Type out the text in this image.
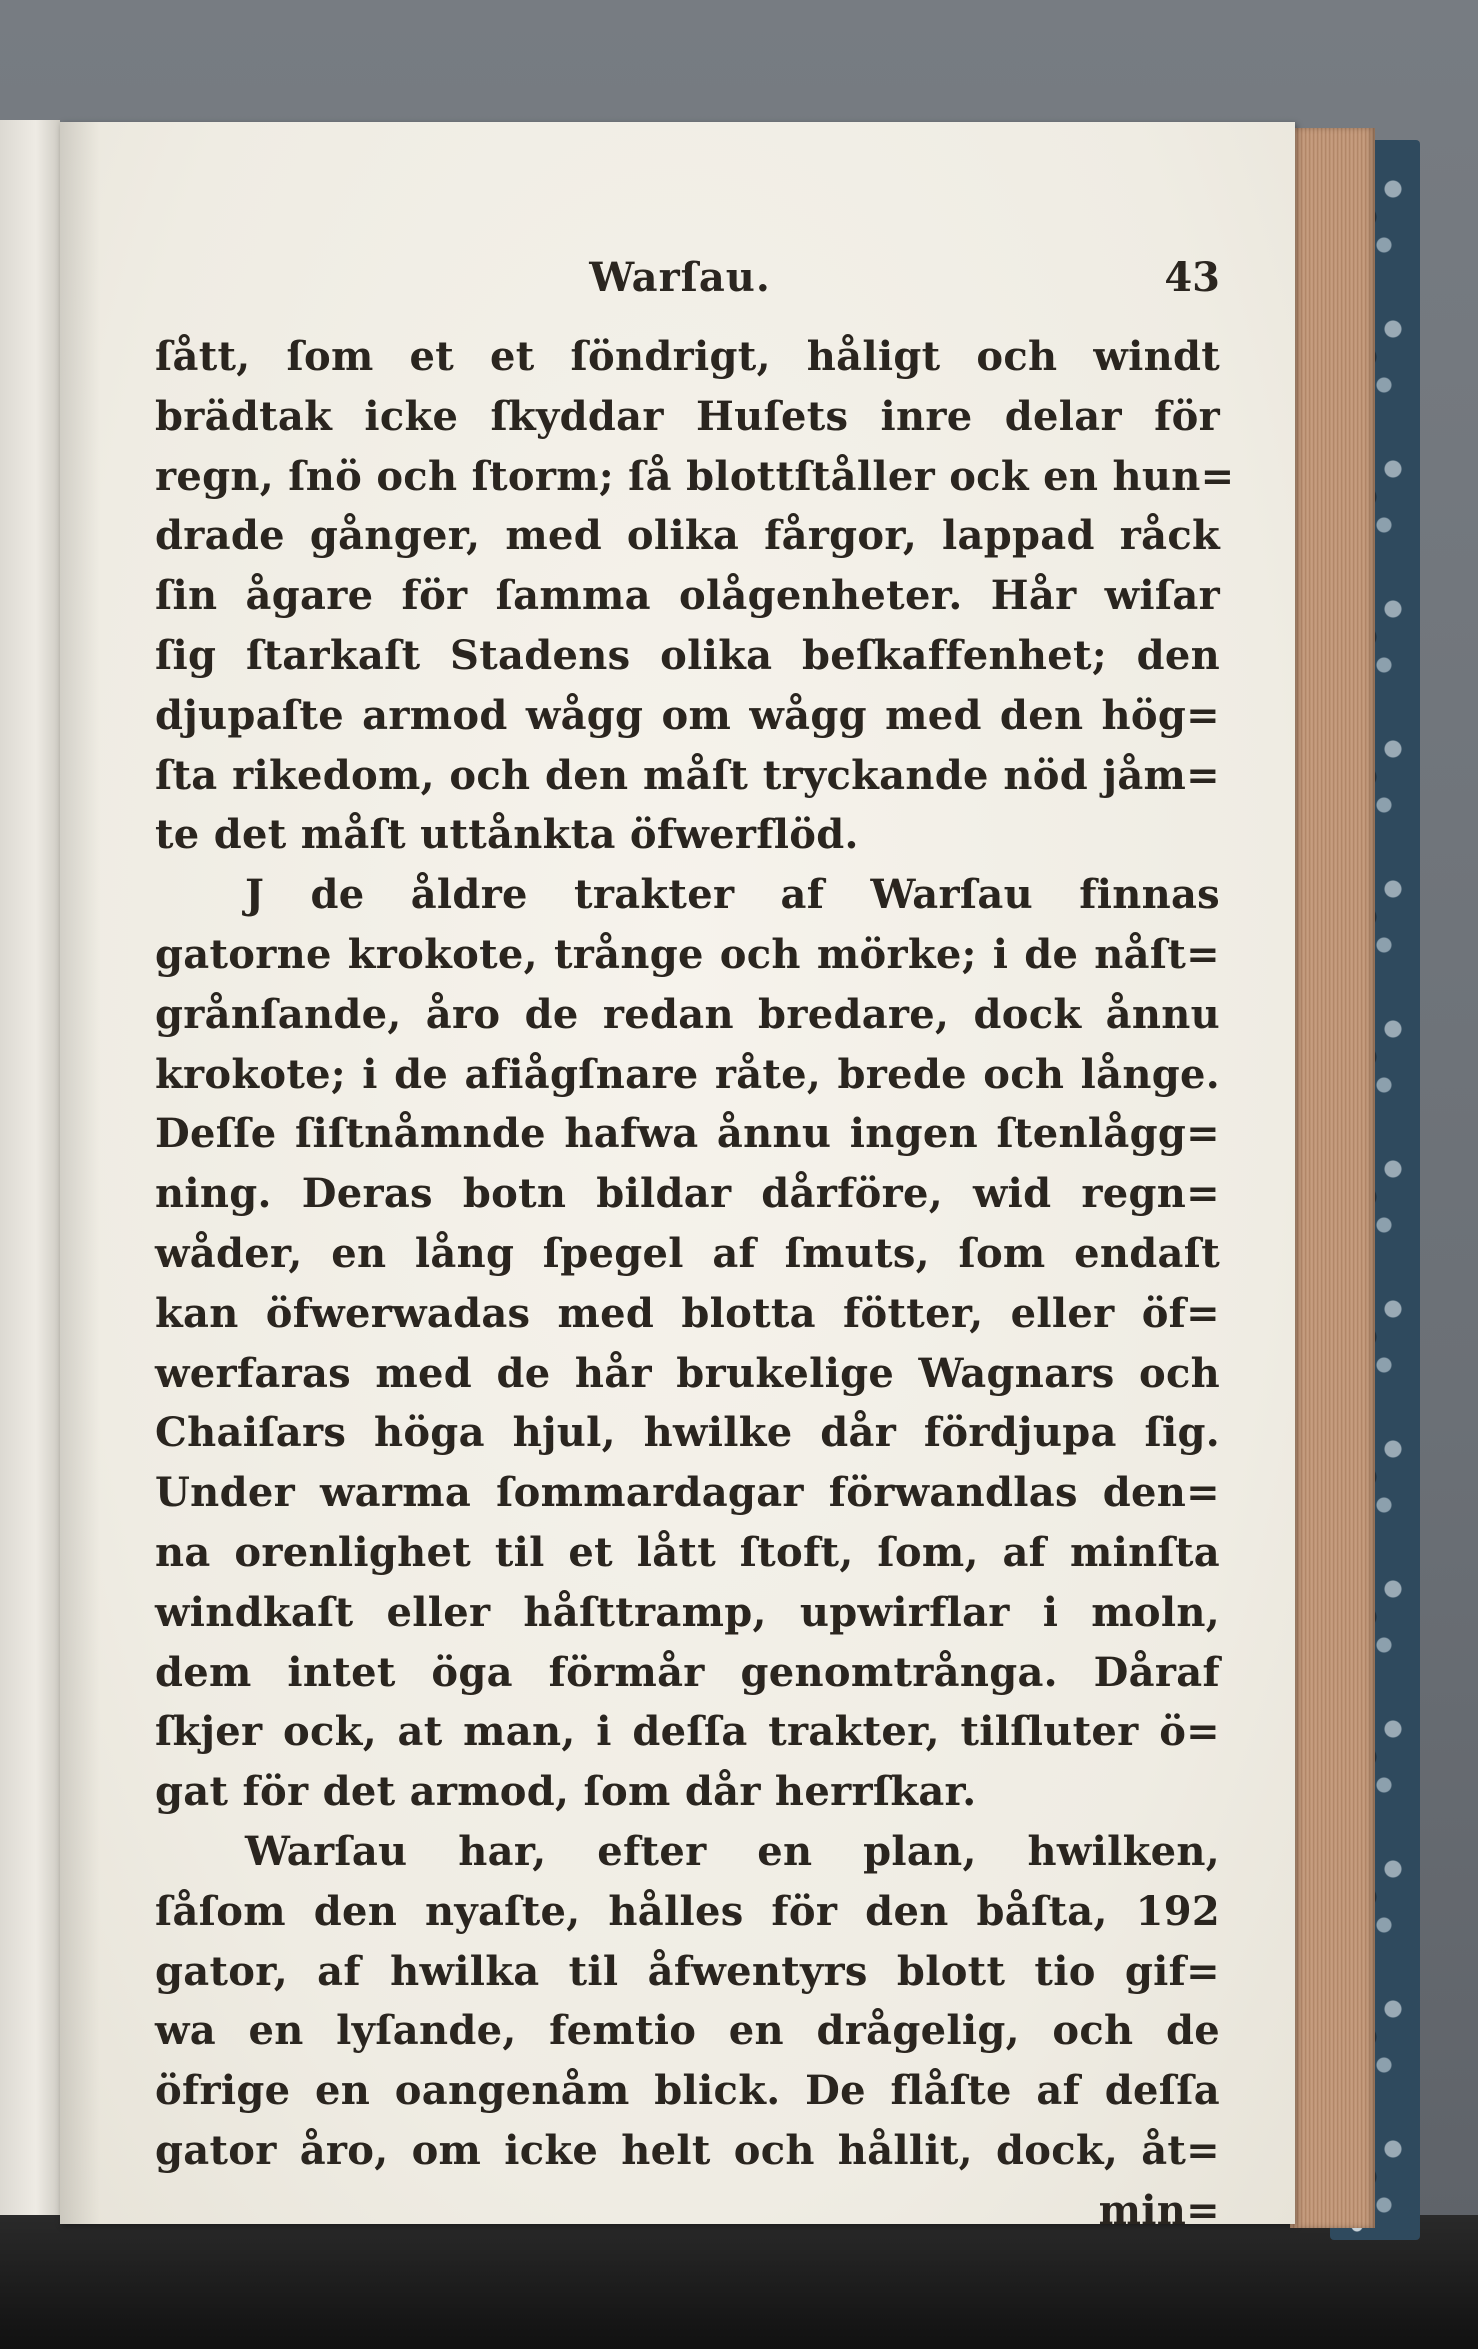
Warſau.	43
ſått, ſom et et ſöndrigt, håligt och windt
brädtak icke ſkyddar Huſets inre delar för
regn, ſnö och ſtorm; ſå blottſtåller ock en hun=
drade gånger, med olika fårgor, lappad råck
ſin ågare för ſamma olågenheter. Hår wiſar
ſig ſtarkaſt Stadens olika beſkaffenhet; den
djupaſte armod wågg om wågg med den hög=
ſta rikedom, och den måſt tryckande nöd jåm=
te det måſt uttånkta öfwerflöd.
J de åldre trakter af Warſau finnas
gatorne krokote, trånge och mörke; i de nåſt=
grånſande, åro de redan bredare, dock ånnu
krokote; i de afiågſnare råte, brede och långe.
Deſſe ſiſtnåmnde hafwa ånnu ingen ſtenlågg=
ning. Deras botn bildar dårföre, wid regn=
wåder, en lång ſpegel af ſmuts, ſom endaſt
kan öfwerwadas med blotta fötter, eller öf=
werfaras med de hår brukelige Wagnars och
Chaiſars höga hjul, hwilke dår fördjupa ſig.
Under warma ſommardagar förwandlas den=
na orenlighet til et lått ſtoft, ſom, af minſta
windkaſt eller håſttramp, upwirflar i moln,
dem intet öga förmår genomtrånga. Dåraf
ſkjer ock, at man, i deſſa trakter, tilſluter ö=
gat för det armod, ſom dår herrſkar.
Warſau har, efter en plan, hwilken,
ſåſom den nyaſte, hålles för den båſta, 192
gator, af hwilka til åfwentyrs blott tio gif=
wa en lyſande, femtio en drågelig, och de
öfrige en oangenåm blick. De flåſte af deſſa
gator åro, om icke helt och hållit, dock, åt=
min=
